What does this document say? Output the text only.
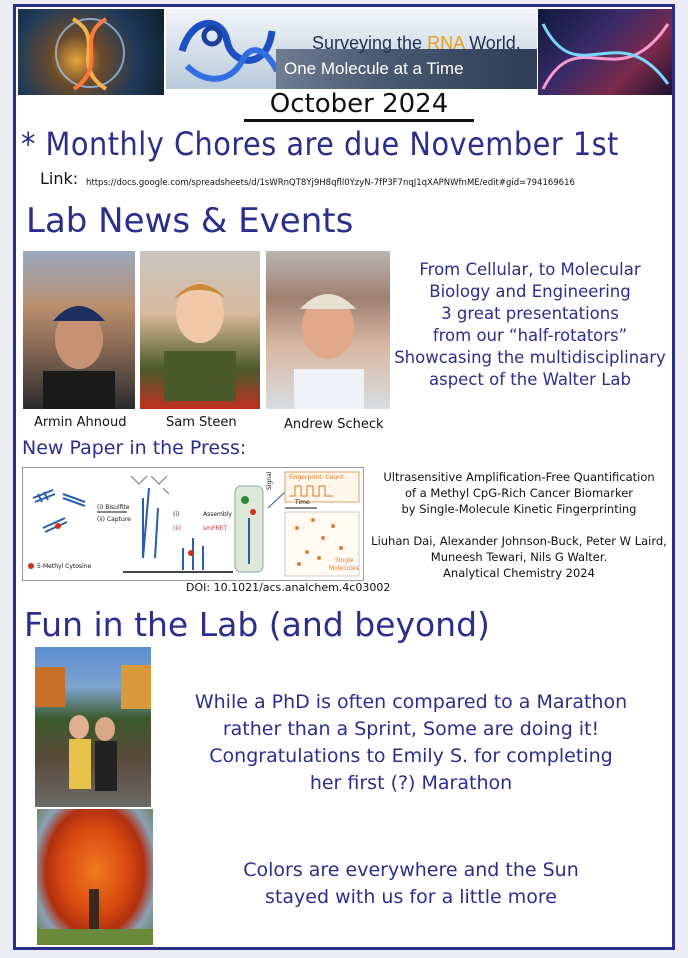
Surveying the RNA World,
One Molecule at a Time
October 2024
* Monthly Chores are due November 1st
Link: https://docs.google.com/spreadsheets/d/1sWRnQT8Yj9H8qfll0YzyN-7fP3F7nqJ1qXAPNWfnME/edit#gid=794169616
Lab News & Events
Armin Ahnoud	Sam Steen	Andrew Scheck
From Cellular, to Molecular
Biology and Engineering
3 great presentations
from our “half-rotators”
Showcasing the multidisciplinary
aspect of the Walter Lab
New Paper in the Press:
(i) Bisulfite
(ii) Capture
(i)	Assembly
(ii)	smFRET
Signal	Fingerprint: Count
Time
Single
Molecules
5-Methyl Cytosine
DOI: 10.1021/acs.analchem.4c03002
Ultrasensitive Amplification-Free Quantification
of a Methyl CpG-Rich Cancer Biomarker
by Single-Molecule Kinetic Fingerprinting
Liuhan Dai, Alexander Johnson-Buck, Peter W Laird,
Muneesh Tewari, Nils G Walter.
Analytical Chemistry 2024
Fun in the Lab (and beyond)
While a PhD is often compared to a Marathon
rather than a Sprint, Some are doing it!
Congratulations to Emily S. for completing
her first (?) Marathon
Colors are everywhere and the Sun
stayed with us for a little more
